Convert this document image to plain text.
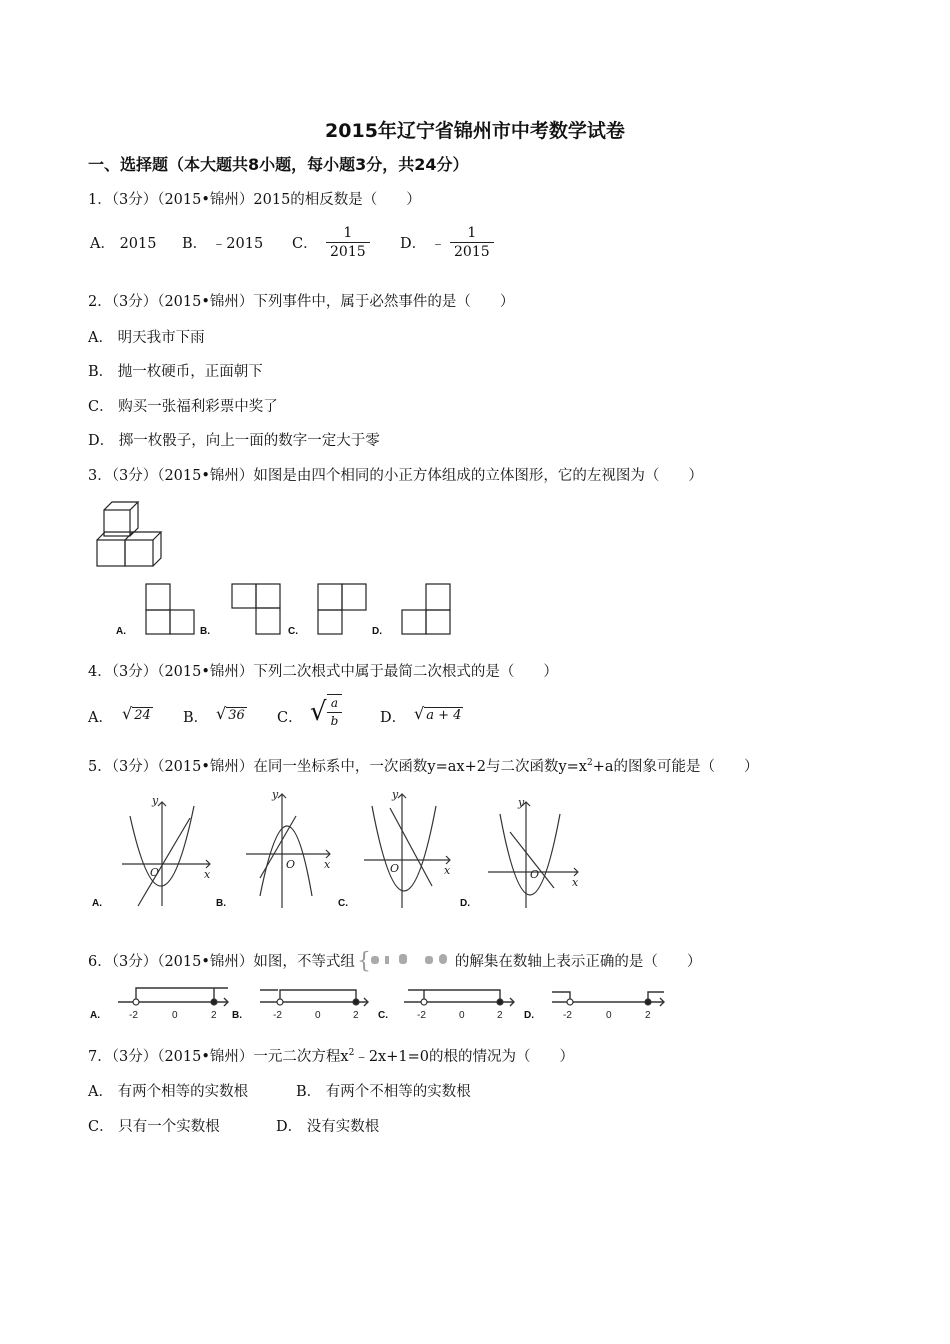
2015年辽宁省锦州市中考数学试卷
一、选择题（本大题共8小题，每小题3分，共24分）
1．（3分）（2015•锦州）2015的相反数是（　　）
A． 2015 B． ﹣2015 C． $\frac{1}{2015}$ D． ﹣ $\frac{1}{2015}$
2．（3分）（2015•锦州）下列事件中，属于必然事件的是（　　）
A． 明天我市下雨
B． 抛一枚硬币，正面朝下
C． 购买一张福利彩票中奖了
D． 掷一枚骰子，向上一面的数字一定大于零
3．（3分）（2015•锦州）如图是由四个相同的小正方体组成的立体图形，它的左视图为（　　）
A.	B.	C.	D.
4．（3分）（2015•锦州）下列二次根式中属于最简二次根式的是（　　）
A． √ 24 B． √ 36 C． √ $\frac{a}{b}$	D． √ a + 4
5．（3分）（2015•锦州）在同一坐标系中，一次函数y=ax+2与二次函数$y=x^2+a$的图象可能是（　　）
y
x
O
y
x
O
y
x
O
y
x
O
A.	B.	C.	D.
6．（3分）（2015•锦州）如图，不等式组 {	的解集在数轴上表示正确的是（　　）
-2	0	2	-2	0	2	-2	0	2	-2	0	2
A.	B.	C.	D.
7．（3分）（2015•锦州）一元二次方程$x^2﹣2x+1=0$的根的情况为（　　）
A． 有两个相等的实数根	B． 有两个不相等的实数根
C． 只有一个实数根	D． 没有实数根
